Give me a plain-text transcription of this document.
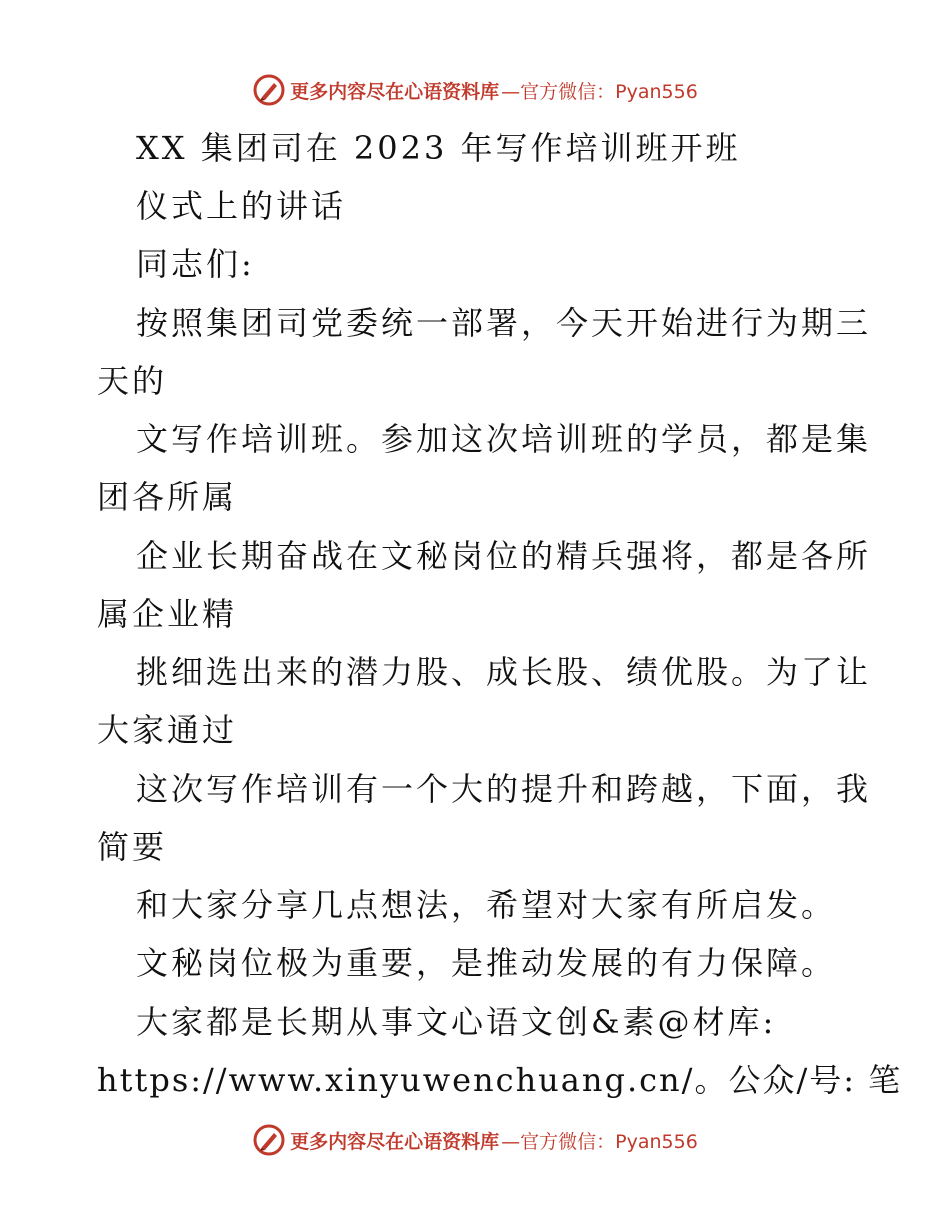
更多内容尽在心语资料库 —官方微信：Pyan556
XX 集团司在 2023 年写作培训班开班
仪式上的讲话
同志们:
按照集团司党委统一部署，今天开始进行为期三
天的
文写作培训班。参加这次培训班的学员，都是集
团各所属
企业长期奋战在文秘岗位的精兵强将，都是各所
属企业精
挑细选出来的潜力股、成长股、绩优股。为了让
大家通过
这次写作培训有一个大的提升和跨越，下面，我
简要
和大家分享几点想法，希望对大家有所启发。
文秘岗位极为重要，是推动发展的有力保障。
大家都是长期从事文心语文创&素@材库:
https://www.xinyuwenchuang.cn/。公众/号: 笔
更多内容尽在心语资料库 —官方微信：Pyan556
